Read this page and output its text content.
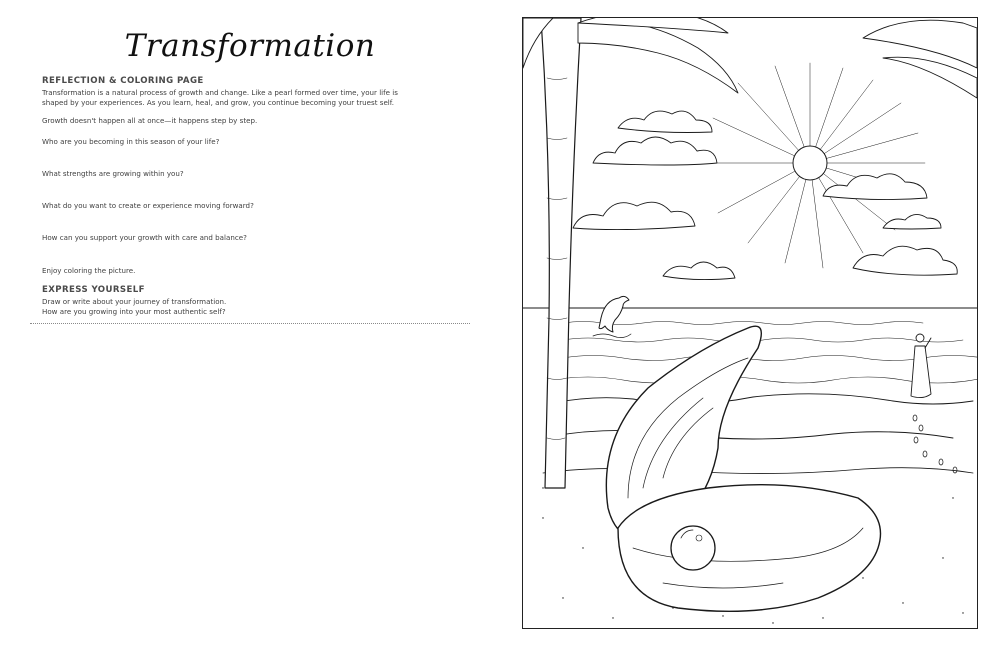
Transformation
REFLECTION & COLORING PAGE
Transformation is a natural process of growth and change. Like a pearl formed over time, your life is
shaped by your experiences. As you learn, heal, and grow, you continue becoming your truest self.
Growth doesn't happen all at once—it happens step by step.
Who are you becoming in this season of your life?
What strengths are growing within you?
What do you want to create or experience moving forward?
How can you support your growth with care and balance?
Enjoy coloring the picture.
EXPRESS YOURSELF
Draw or write about your journey of transformation.
How are you growing into your most authentic self?
